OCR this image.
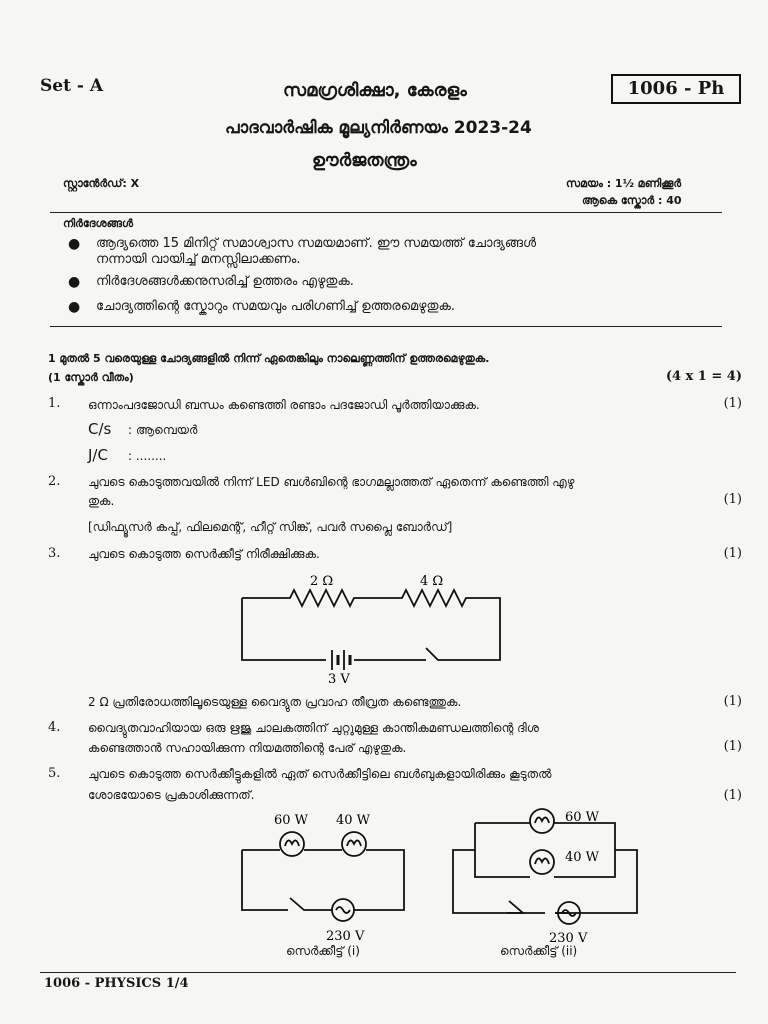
Set - A	സമഗ്രശിക്ഷാ, കേരളം	1006 - Ph
പാദവാർഷിക മൂല്യനിർണയം 2023-24
ഊർജതന്ത്രം
സ്റ്റാൻേർഡ്: X	സമയം : 1½ മണിക്കൂർ
ആകെ സ്കോർ : 40
നിർദേശങ്ങൾ
● ആദ്യത്തെ 15 മിനിറ്റ് സമാശ്വാസ സമയമാണ്. ഈ സമയത്ത് ചോദ്യങ്ങൾ
നന്നായി വായിച്ച് മനസ്സിലാക്കണം.
● നിർദേശങ്ങൾക്കനുസരിച്ച് ഉത്തരം എഴുതുക.
● ചോദ്യത്തിന്റെ സ്കോറും സമയവും പരിഗണിച്ച് ഉത്തരമെഴുതുക.
1 മുതൽ 5 വരെയുള്ള ചോദ്യങ്ങളിൽ നിന്ന് ഏതെങ്കിലും നാലെണ്ണത്തിന് ഉത്തരമെഴുതുക.
(1 സ്കോർ വീതം)	(4 x 1 = 4)
1. ഒന്നാംപദജോഡി ബന്ധം കണ്ടെത്തി രണ്ടാം പദജോഡി പൂർത്തിയാക്കുക.	(1)
C/s : ആമ്പെയർ
J/C : ........
2. ചുവടെ കൊടുത്തവയിൽ നിന്ന് LED ബൾബിന്റെ ഭാഗമല്ലാത്തത് ഏതെന്ന് കണ്ടെത്തി എഴു
തുക.	(1)
[ഡിഫ്യൂസർ കപ്പ്, ഫിലമെന്റ്, ഹീറ്റ് സിങ്ക്, പവർ സപ്ലൈ ബോർഡ്]
3. ചുവടെ കൊടുത്ത സെർക്കീട്ട് നിരീക്ഷിക്കുക.	(1)
2 Ω	4 Ω
3 V
2 Ω പ്രതിരോധത്തിലൂടെയുള്ള വൈദ്യുത പ്രവാഹ തീവ്രത കണ്ടെത്തുക.	(1)
4. വൈദ്യുതവാഹിയായ ഒരു ഋജു ചാലകത്തിന് ചുറ്റുമുള്ള കാന്തികമണ്ഡലത്തിന്റെ ദിശ
കണ്ടെത്താൻ സഹായിക്കുന്ന നിയമത്തിന്റെ പേര് എഴുതുക.	(1)
5. ചുവടെ കൊടുത്ത സെർക്കീട്ടുകളിൽ ഏത് സെർക്കീട്ടിലെ ബൾബുകളായിരിക്കും കൂടുതൽ
ശോഭയോടെ പ്രകാശിക്കുന്നത്.	(1)
60 W 40 W
230 V
സെർക്കീട്ട് (i)
60 W
40 W
230 V
സെർക്കീട്ട് (ii)
1006 - PHYSICS 1/4
